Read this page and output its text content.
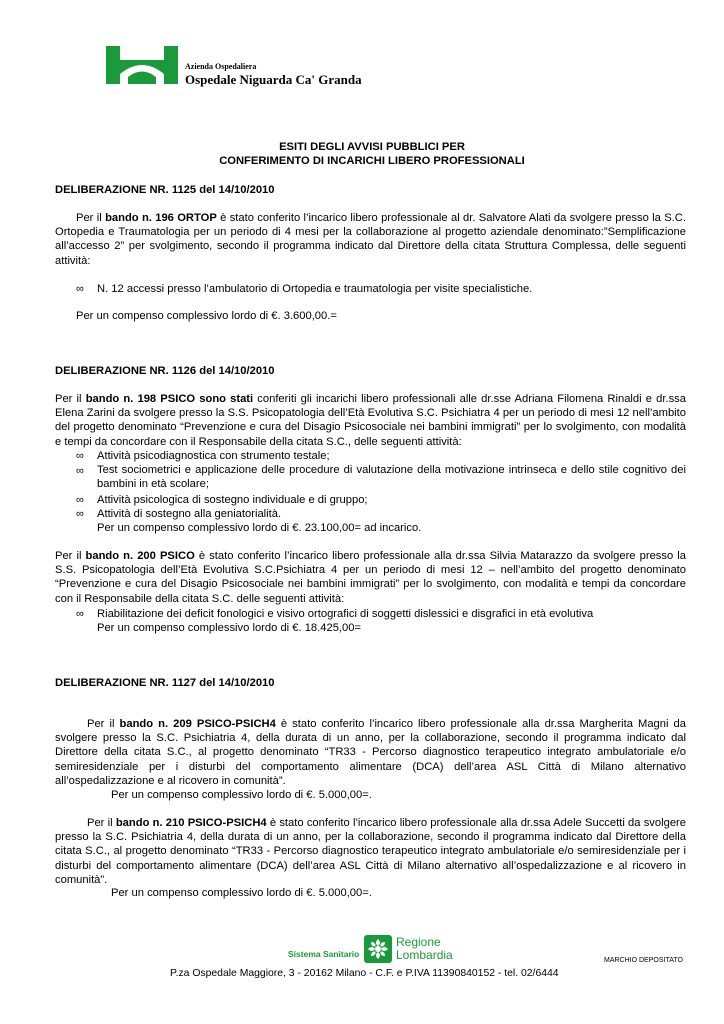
Azienda Ospedaliera
Ospedale Niguarda Ca' Granda
ESITI DEGLI AVVISI PUBBLICI PER
CONFERIMENTO DI INCARICHI LIBERO PROFESSIONALI
DELIBERAZIONE NR. 1125 del 14/10/2010
Per il bando n. 196 ORTOP è stato conferito l’incarico libero professionale al dr. Salvatore Alati da svolgere presso la S.C. Ortopedia e Traumatologia per un periodo di 4 mesi per la collaborazione al progetto aziendale denominato:”Semplificazione all’accesso 2” per svolgimento, secondo il programma indicato dal Direttore della citata Struttura Complessa, delle seguenti attività:
∞ N. 12 accessi presso l’ambulatorio di Ortopedia e traumatologia per visite specialistiche.
Per un compenso complessivo lordo di €. 3.600,00.=
DELIBERAZIONE NR. 1126 del 14/10/2010
Per il bando n. 198 PSICO sono stati conferiti gli incarichi libero professionali alle dr.sse Adriana Filomena Rinaldi e dr.ssa Elena Zarini da svolgere presso la S.S. Psicopatologia dell’Età Evolutiva S.C. Psichiatra 4 per un periodo di mesi 12 nell’ambito del progetto denominato “Prevenzione e cura del Disagio Psicosociale nei bambini immigrati” per lo svolgimento, con modalità e tempi da concordare con il Responsabile della citata S.C., delle seguenti attività:
∞ Attività psicodiagnostica con strumento testale;
∞ Test sociometrici e applicazione delle procedure di valutazione della motivazione intrinseca e dello stile cognitivo dei bambini in età scolare;
∞ Attività psicologica di sostegno individuale e di gruppo;
∞ Attività di sostegno alla geniatorialità.
Per un compenso complessivo lordo di €. 23.100,00= ad incarico.
Per il bando n. 200 PSICO è stato conferito l’incarico libero professionale alla dr.ssa Silvia Matarazzo da svolgere presso la S.S. Psicopatologia dell’Età Evolutiva S.C.Psichiatra 4 per un periodo di mesi 12 – nell’ambito del progetto denominato “Prevenzione e cura del Disagio Psicosociale nei bambini immigrati” per lo svolgimento, con modalità e tempi da concordare con il Responsabile della citata S.C. delle seguenti attività:
∞ Riabilitazione dei deficit fonologici e visivo ortografici di soggetti dislessici e disgrafici in età evolutiva
Per un compenso complessivo lordo di €. 18.425,00=
DELIBERAZIONE NR. 1127 del 14/10/2010
Per il bando n. 209 PSICO-PSICH4 è stato conferito l’incarico libero professionale alla dr.ssa Margherita Magni da svolgere presso la S.C. Psichiatria 4, della durata di un anno, per la collaborazione, secondo il programma indicato dal Direttore della citata S.C., al progetto denominato “TR33 - Percorso diagnostico terapeutico integrato ambulatoriale e/o semiresidenziale per i disturbi del comportamento alimentare (DCA) dell’area ASL Città di Milano alternativo all’ospedalizzazione e al ricovero in comunità”.
Per un compenso complessivo lordo di €. 5.000,00=.
Per il bando n. 210 PSICO-PSICH4 è stato conferito l’incarico libero professionale alla dr.ssa Adele Succetti da svolgere presso la S.C. Psichiatria 4, della durata di un anno, per la collaborazione, secondo il programma indicato dal Direttore della citata S.C., al progetto denominato “TR33 - Percorso diagnostico terapeutico integrato ambulatoriale e/o semiresidenziale per i disturbi del comportamento alimentare (DCA) dell’area ASL Città di Milano alternativo all’ospedalizzazione e al ricovero in comunità”.
Per un compenso complessivo lordo di €. 5.000,00=.
Sistema Sanitario
Regione
Lombardia	MARCHIO DEPOSITATO
P.za Ospedale Maggiore, 3 - 20162 Milano - C.F. e P.IVA 11390840152 - tel. 02/6444
